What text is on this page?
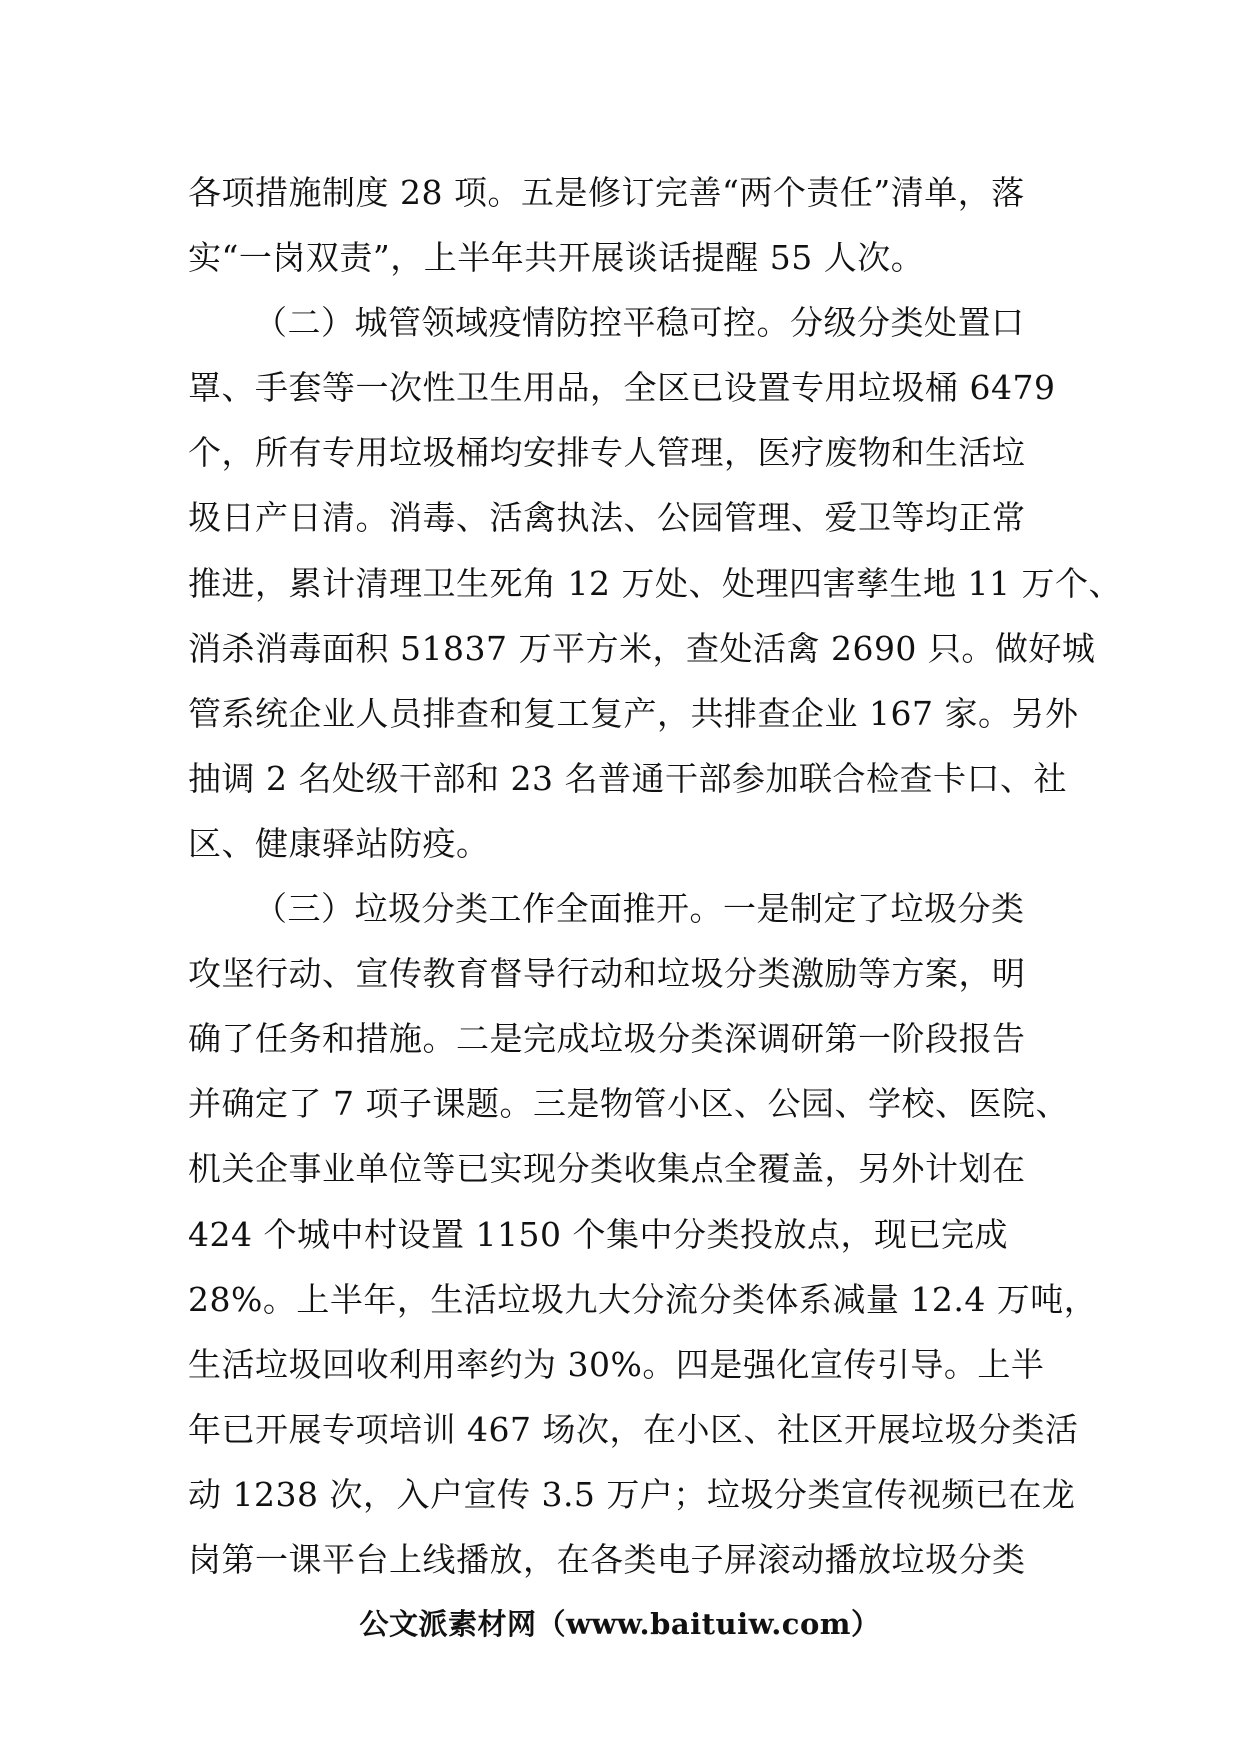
各项措施制度 28 项。五是修订完善“两个责任”清单，落
实“一岗双责”，上半年共开展谈话提醒 55 人次。
（二）城管领域疫情防控平稳可控。分级分类处置口
罩、手套等一次性卫生用品，全区已设置专用垃圾桶 6479
个，所有专用垃圾桶均安排专人管理，医疗废物和生活垃
圾日产日清。消毒、活禽执法、公园管理、爱卫等均正常
推进，累计清理卫生死角 12 万处、处理四害孳生地 11 万个、
消杀消毒面积 51837 万平方米，查处活禽 2690 只。做好城
管系统企业人员排查和复工复产，共排查企业 167 家。另外
抽调 2 名处级干部和 23 名普通干部参加联合检查卡口、社
区、健康驿站防疫。
（三）垃圾分类工作全面推开。一是制定了垃圾分类
攻坚行动、宣传教育督导行动和垃圾分类激励等方案，明
确了任务和措施。二是完成垃圾分类深调研第一阶段报告
并确定了 7 项子课题。三是物管小区、公园、学校、医院、
机关企事业单位等已实现分类收集点全覆盖，另外计划在
424 个城中村设置 1150 个集中分类投放点，现已完成
28%。上半年，生活垃圾九大分流分类体系减量 12.4 万吨，
生活垃圾回收利用率约为 30%。四是强化宣传引导。上半
年已开展专项培训 467 场次，在小区、社区开展垃圾分类活
动 1238 次，入户宣传 3.5 万户；垃圾分类宣传视频已在龙
岗第一课平台上线播放，在各类电子屏滚动播放垃圾分类
公文派素材网（www.baituiw.com）
